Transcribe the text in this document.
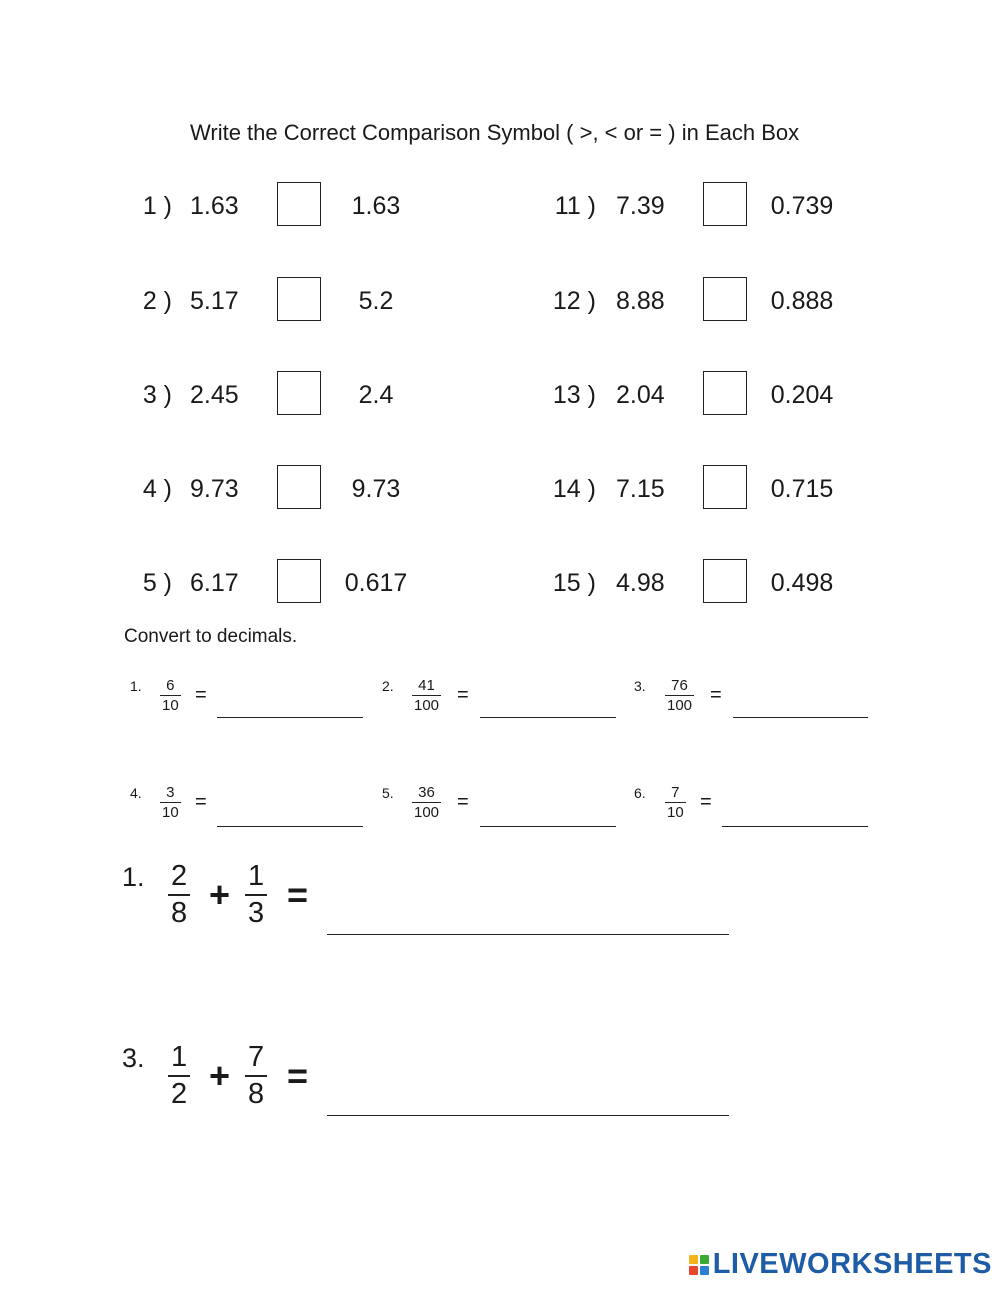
Write the Correct Comparison Symbol ( >, < or = ) in Each Box
1 ) 1.63	1.63
2 ) 5.17	5.2
3 ) 2.45	2.4
4 ) 9.73	9.73
5 ) 6.17	0.617
11 ) 7.39	0.739
12 ) 8.88	0.888
13 ) 2.04	0.204
14 ) 7.15	0.715
15 ) 4.98	0.498
Convert to decimals.
1. $\frac{6}{10}$ =	2. $\frac{41}{100}$ =	3. $\frac{76}{100}$ =
4. $\frac{3}{10}$ =	5. $\frac{36}{100}$ =	6. $\frac{7}{10}$ =
1. $\frac{2}{8} + \frac{1}{3}$ =
3. $\frac{1}{2} + \frac{7}{8}$ =
LIVEWORKSHEETS
